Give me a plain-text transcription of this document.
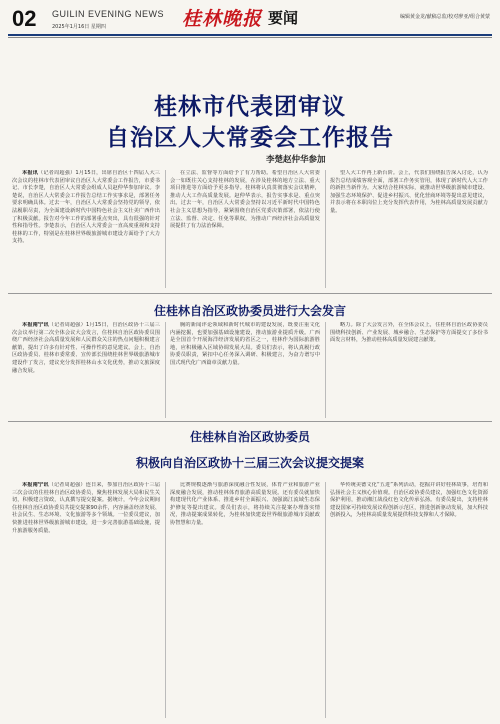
02 GUILIN EVENING NEWS
2025年1月16日 星期四	桂林晚报 要闻	编辑黄金龙/献稿总监/校对廖亚/组合黄蒙
桂林市代表团审议
自治区人大常委会工作报告
李楚赵仲华参加

本报讯（记者周超强）1月15日，出席自治区十四届人大三次会议的桂林市代表团审议自治区人大常委会工作报告，市委书记、市长李楚，自治区人大常委会组成人员赵仲华参加审议。李楚说，自治区人大常委会工作报告总结工作实事求是，部署任务要求明确具体。过去一年，自治区人大常委会坚持党的领导，依法履职尽责，为全面建设新时代中国特色社会主义壮美广西作出了积极贡献。报告对今年工作的部署重点突出，具有很强的针对性和指导性。李楚表示，自治区人大常委会一直高度重视和支持桂林的工作，特别是在桂林世界级旅游城市建设方面给予了大力支持。

在立法、监督等方面给予了有力帮助。希望自治区人大常委会一如既往关心支持桂林的发展，在涉及桂林的地方立法、重大项目推进等方面给予更多指导。桂林将认真贯彻落实会议精神，推动人大工作高质量发展。赵仲华表示，报告实事求是、重点突出。过去一年，自治区人大常委会坚持以习近平新时代中国特色社会主义思想为指导，紧紧围绕自治区党委决策部署，依法行使立法、监督、决定、任免等职权，为推动广西经济社会高质量发展提供了有力法治保障。

望人大工作再上新台阶。会上，代表们围绕报告深入讨论，认为报告总结成绩客观全面，部署工作务实管用，体现了新时代人大工作的新担当新作为。大家结合桂林实际，就推动世界级旅游城市建设、加强生态环境保护、促进乡村振兴、优化营商环境等提出意见建议，并表示将在本职岗位上充分发挥代表作用，为桂林高质量发展贡献力量。

住桂林自治区政协委员进行大会发言

本报南宁讯（记者周超强）1月15日，自治区政协十三届三次会议举行第二次全体会议大会发言，住桂林自治区政协委员围绕广西经济社会高质量发展和人民群众关注的热点问题积极建言献策，提出了许多有针对性、可操作性的意见建议。会上，自治区政协委员、桂林市委常委、宣传部长围绕桂林世界级旅游城市建设作了发言，建议充分发挥桂林山水文化优势，推动文旅深度融合发展。

胸的新闻评论领域和新时代城市的建设发展，既要注重文化内涵挖掘，也要加强基础设施建设，推动旅游业提质升级。广西是全国首个开展海洋经济发展的省区之一，桂林作为国际旅游胜地，应积极融入区域协调发展大局。委员们表示，将认真履行政协委员职责，紧扣中心任务深入调研、积极建言，为奋力谱写中国式现代化广西篇章贡献力量。

略力。除了大会发言外，在全体会议上，住桂林自治区政协委员围绕科技创新、产业发展、城乡融合、生态保护等方面提交了多份书面发言材料，为推动桂林高质量发展建言献策。

住桂林自治区政协委员
积极向自治区政协十三届三次会议提交提案

本报南宁讯（记者周超强）连日来，参加自治区政协十三届三次会议的住桂林自治区政协委员，聚焦桂林发展大局和民生关切，积极建言资政，认真撰写提交提案。据统计，今年会议期间住桂林自治区政协委员共提交提案90余件，内容涵盖经济发展、社会民生、生态环境、文化旅游等多个领域。一位委员建议，加快推进桂林世界级旅游城市建设，进一步完善旅游基础设施，提升旅游服务质量。

比赛规模逐渐与旅游深度融合性发展，体育产业和旅游产业深度融合发展，推动桂林体育旅游高质量发展。还有委员就加快构建现代化产业体系、推进乡村全面振兴、加强漓江流域生态保护修复等提出建议。委员们表示，将持续关注提案办理落实情况，推动提案成果转化，为桂林加快建设世界级旅游城市贡献政协智慧和力量。

华传统美德文化“五进”系列活动，挖掘并讲好桂林故事，培育和弘扬社会主义核心价值观。自治区政协委员建议，加强红色文化资源保护利用，推动湘江战役红色文化传承弘扬。有委员提出，支持桂林建设国家可持续发展议程创新示范区，推进创新驱动发展，加大科技创新投入，为桂林高质量发展提供科技支撑和人才保障。
